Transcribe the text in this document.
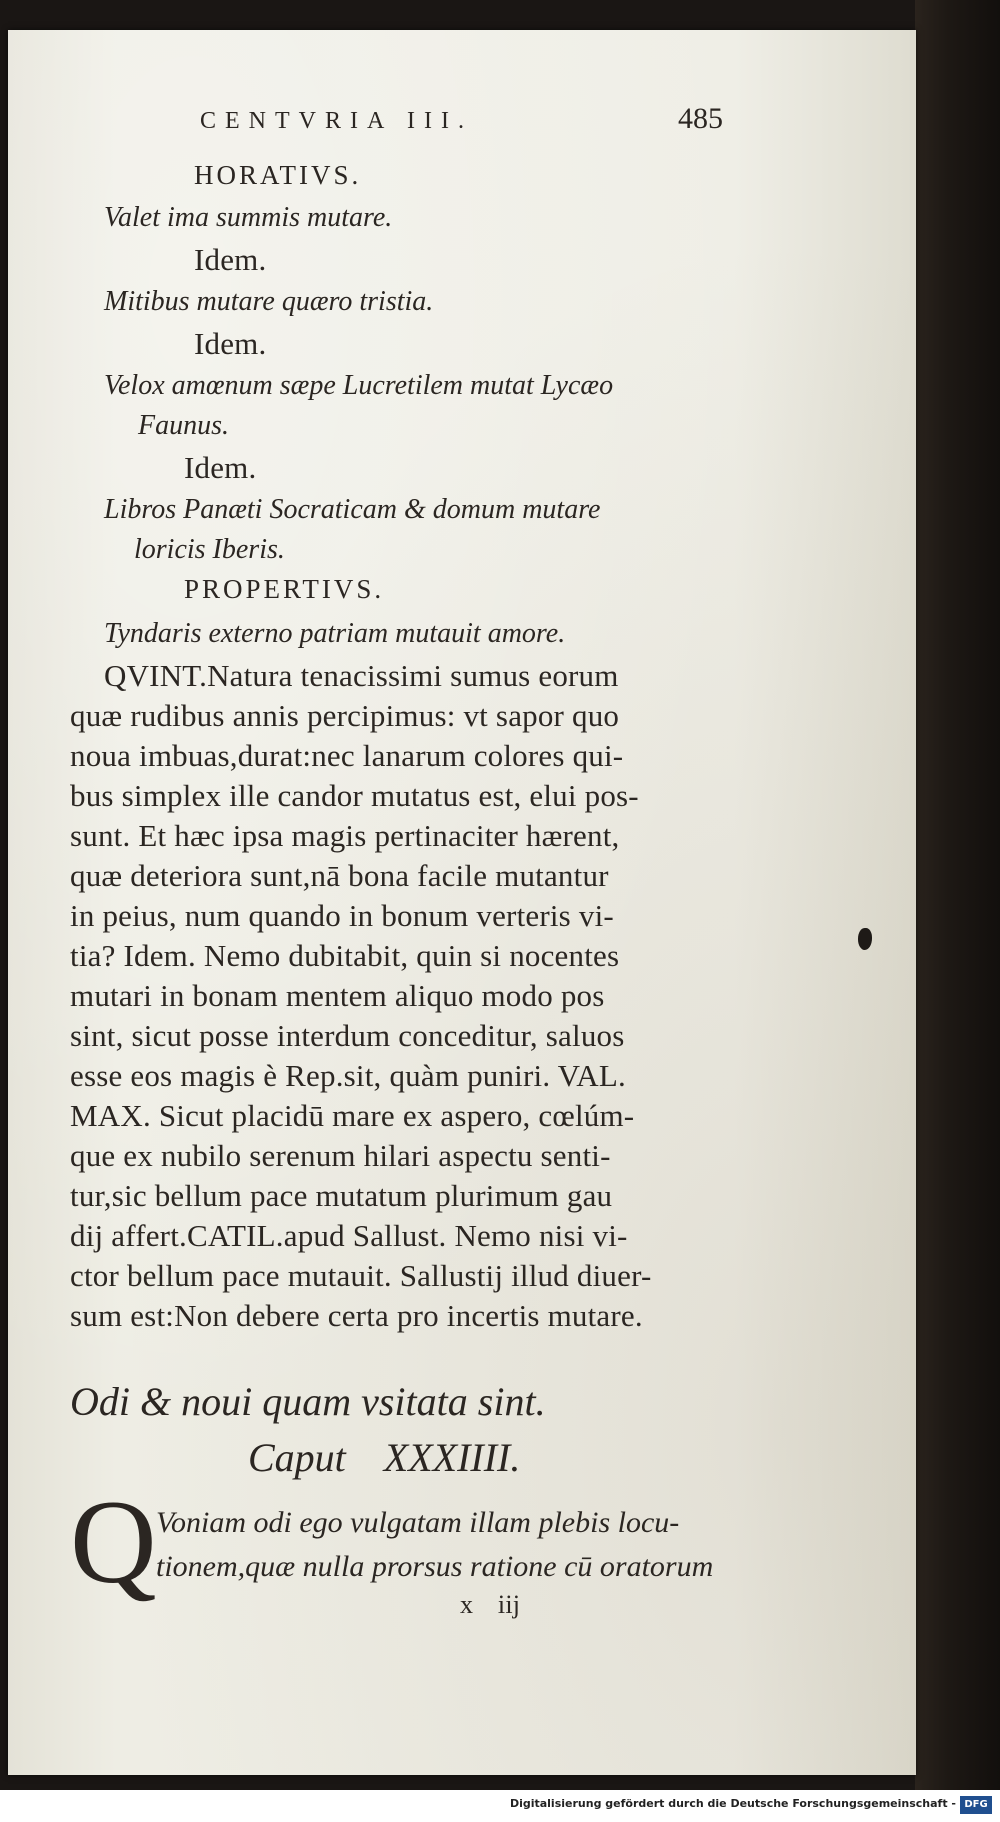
CENTVRIA III.	485
HORATIVS.
Valet ima summis mutare.
Idem.
Mitibus mutare quæro tristia.
Idem.
Velox amœnum sæpe Lucretilem mutat Lycæo
Faunus.
Idem.
Libros Panæti Socraticam & domum mutare
loricis Iberis.
PROPERTIVS.
Tyndaris externo patriam mutauit amore.
QVINT.Natura tenacissimi sumus eorum
quæ rudibus annis percipimus: vt sapor quo
noua imbuas,durat:nec lanarum colores qui-
bus simplex ille candor mutatus est, elui pos-
sunt. Et hæc ipsa magis pertinaciter hærent,
quæ deteriora sunt,nā bona facile mutantur
in peius, num quando in bonum verteris vi-
tia? Idem. Nemo dubitabit, quin si nocentes
mutari in bonam mentem aliquo modo pos
sint, sicut posse interdum conceditur, saluos
esse eos magis è Rep.sit, quàm puniri. VAL.
MAX. Sicut placidū mare ex aspero, cœlúm-
que ex nubilo serenum hilari aspectu senti-
tur,sic bellum pace mutatum plurimum gau
dij affert.CATIL.apud Sallust. Nemo nisi vi-
ctor bellum pace mutauit. Sallustij illud diuer-
sum est:Non debere certa pro incertis mutare.
Odi & noui quam vsitata sint.
Caput XXXIIII.
Q Voniam odi ego vulgatam illam plebis locu-
tionem,quæ nulla prorsus ratione cū oratorum
x iij
Digitalisierung gefördert durch die Deutsche Forschungsgemeinschaft - DFG
